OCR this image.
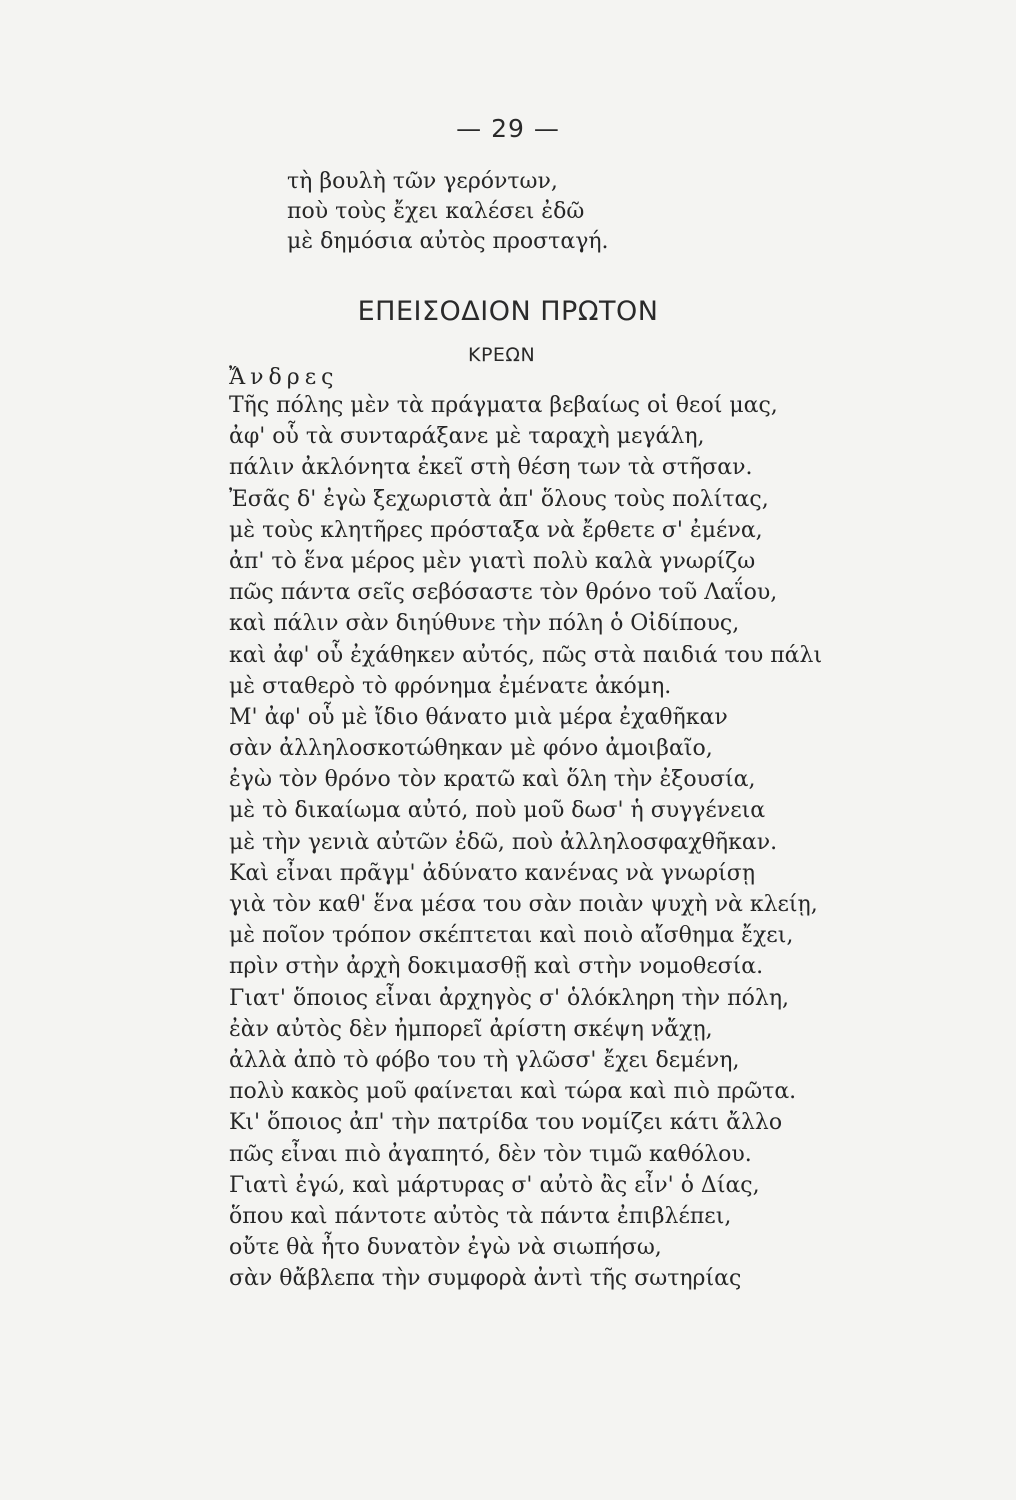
— 29 —
τὴ βουλὴ τῶν γερόντων,
ποὺ τοὺς ἔχει καλέσει ἐδῶ
μὲ δημόσια αὐτὸς προσταγή.
ΕΠΕΙΣΟΔΙΟΝ ΠΡΩΤΟΝ
ΚΡΕΩΝ
Ἄνδρες
Τῆς πόλης μὲν τὰ πράγματα βεβαίως οἱ θεοί μας,
ἀφ' οὗ τὰ συνταράξανε μὲ ταραχὴ μεγάλη,
πάλιν ἀκλόνητα ἐκεῖ στὴ θέση των τὰ στῆσαν.
Ἐσᾶς δ' ἐγὼ ξεχωριστὰ ἀπ' ὅλους τοὺς πολίτας,
μὲ τοὺς κλητῆρες πρόσταξα νὰ ἔρθετε σ' ἐμένα,
ἀπ' τὸ ἕνα μέρος μὲν γιατὶ πολὺ καλὰ γνωρίζω
πῶς πάντα σεῖς σεβόσαστε τὸν θρόνο τοῦ Λαΐου,
καὶ πάλιν σὰν διηύθυνε τὴν πόλη ὁ Οἰδίπους,
καὶ ἀφ' οὗ ἐχάθηκεν αὐτός, πῶς στὰ παιδιά του πάλι
μὲ σταθερὸ τὸ φρόνημα ἐμένατε ἀκόμη.
Μ' ἀφ' οὗ μὲ ἴδιο θάνατο μιὰ μέρα ἐχαθῆκαν
σὰν ἀλληλοσκοτώθηκαν μὲ φόνο ἀμοιβαῖο,
ἐγὼ τὸν θρόνο τὸν κρατῶ καὶ ὅλη τὴν ἐξουσία,
μὲ τὸ δικαίωμα αὐτό, ποὺ μοῦ δωσ' ἡ συγγένεια
μὲ τὴν γενιὰ αὐτῶν ἐδῶ, ποὺ ἀλληλοσφαχθῆκαν.
Καὶ εἶναι πρᾶγμ' ἀδύνατο κανένας νὰ γνωρίσῃ
γιὰ τὸν καθ' ἕνα μέσα του σὰν ποιὰν ψυχὴ νὰ κλείῃ,
μὲ ποῖον τρόπον σκέπτεται καὶ ποιὸ αἴσθημα ἔχει,
πρὶν στὴν ἀρχὴ δοκιμασθῇ καὶ στὴν νομοθεσία.
Γιατ' ὅποιος εἶναι ἀρχηγὸς σ' ὁλόκληρη τὴν πόλη,
ἐὰν αὐτὸς δὲν ἠμπορεῖ ἀρίστη σκέψη νἄχῃ,
ἀλλὰ ἀπὸ τὸ φόβο του τὴ γλῶσσ' ἔχει δεμένη,
πολὺ κακὸς μοῦ φαίνεται καὶ τώρα καὶ πιὸ πρῶτα.
Κι' ὅποιος ἀπ' τὴν πατρίδα του νομίζει κάτι ἄλλο
πῶς εἶναι πιὸ ἀγαπητό, δὲν τὸν τιμῶ καθόλου.
Γιατὶ ἐγώ, καὶ μάρτυρας σ' αὐτὸ ἂς εἶν' ὁ Δίας,
ὅπου καὶ πάντοτε αὐτὸς τὰ πάντα ἐπιβλέπει,
οὔτε θὰ ἦτο δυνατὸν ἐγὼ νὰ σιωπήσω,
σὰν θἄβλεπα τὴν συμφορὰ ἀντὶ τῆς σωτηρίας
